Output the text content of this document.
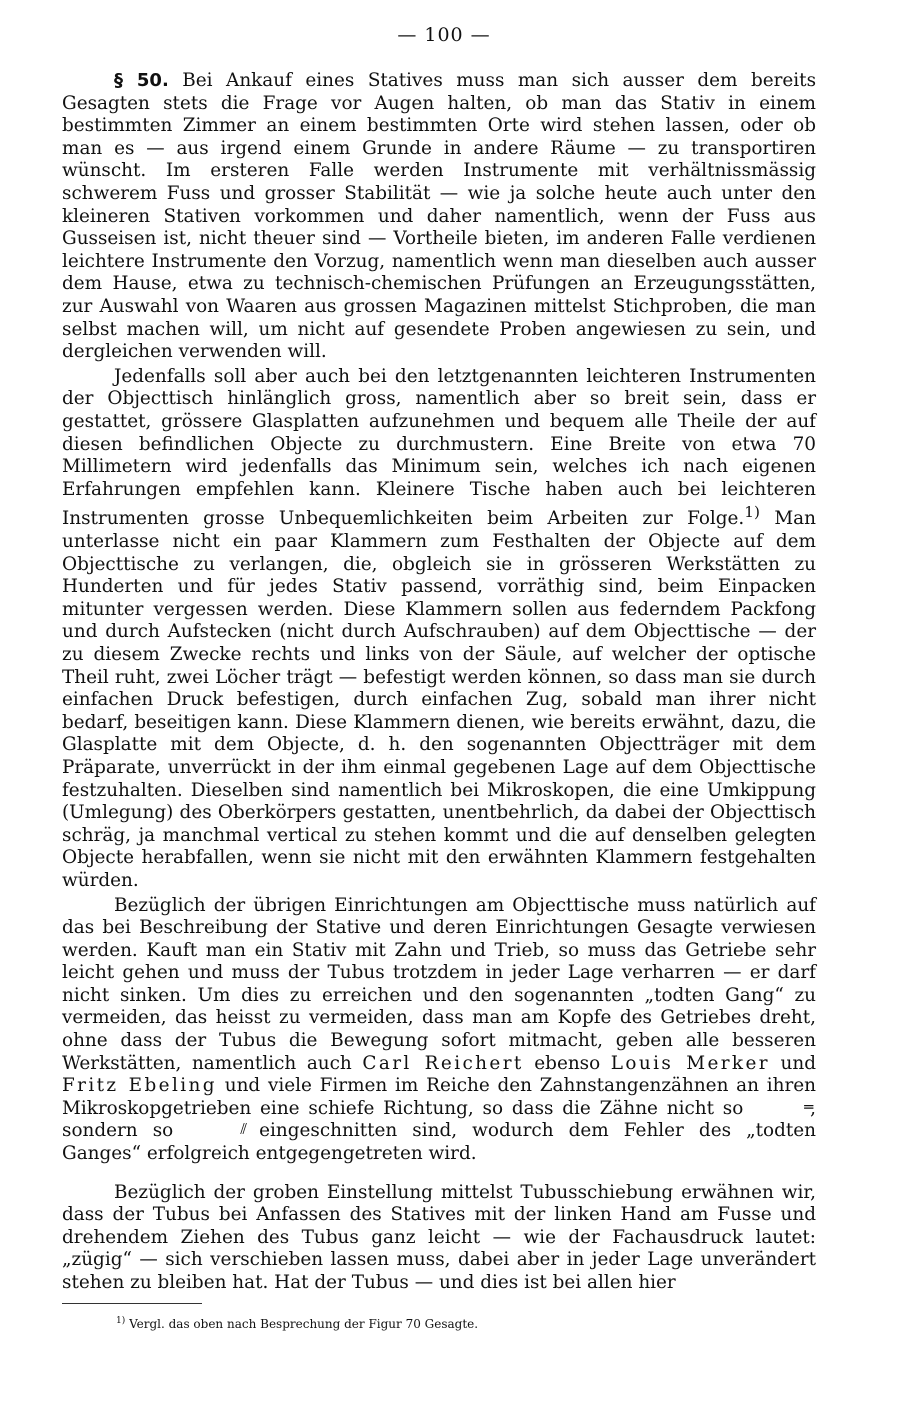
— 100 —

§ 50. Bei Ankauf eines Statives muss man sich ausser dem bereits Gesagten stets die Frage vor Augen halten, ob man das Stativ in einem bestimmten Zimmer an einem bestimmten Orte wird stehen lassen, oder ob man es — aus irgend einem Grunde in andere Räume — zu transportiren wünscht. Im ersteren Falle werden Instrumente mit verhältnissmässig schwerem Fuss und grosser Stabilität — wie ja solche heute auch unter den kleineren Stativen vorkommen und daher namentlich, wenn der Fuss aus Gusseisen ist, nicht theuer sind — Vortheile bieten, im anderen Falle verdienen leichtere Instrumente den Vorzug, namentlich wenn man dieselben auch ausser dem Hause, etwa zu technisch-chemischen Prüfungen an Erzeugungsstätten, zur Auswahl von Waaren aus grossen Magazinen mittelst Stichproben, die man selbst machen will, um nicht auf gesendete Proben angewiesen zu sein, und dergleichen verwenden will.

Jedenfalls soll aber auch bei den letztgenannten leichteren Instrumenten der Objecttisch hinlänglich gross, namentlich aber so breit sein, dass er gestattet, grössere Glasplatten aufzunehmen und bequem alle Theile der auf diesen befindlichen Objecte zu durchmustern. Eine Breite von etwa 70 Millimetern wird jedenfalls das Minimum sein, welches ich nach eigenen Erfahrungen empfehlen kann. Kleinere Tische haben auch bei leichteren Instrumenten grosse Unbequemlichkeiten beim Arbeiten zur Folge.$^{1)}$ Man unterlasse nicht ein paar Klammern zum Festhalten der Objecte auf dem Objecttische zu verlangen, die, obgleich sie in grösseren Werkstätten zu Hunderten und für jedes Stativ passend, vorräthig sind, beim Einpacken mitunter vergessen werden. Diese Klammern sollen aus federndem Packfong und durch Aufstecken (nicht durch Aufschrauben) auf dem Objecttische — der zu diesem Zwecke rechts und links von der Säule, auf welcher der optische Theil ruht, zwei Löcher trägt — befestigt werden können, so dass man sie durch einfachen Druck befestigen, durch einfachen Zug, sobald man ihrer nicht bedarf, beseitigen kann. Diese Klammern dienen, wie bereits erwähnt, dazu, die Glasplatte mit dem Objecte, d. h. den sogenannten Objectträger mit dem Präparate, unverrückt in der ihm einmal gegebenen Lage auf dem Objecttische festzuhalten. Dieselben sind namentlich bei Mikroskopen, die eine Umkippung (Umlegung) des Oberkörpers gestatten, unentbehrlich, da dabei der Objecttisch schräg, ja manchmal vertical zu stehen kommt und die auf denselben gelegten Objecte herabfallen, wenn sie nicht mit den erwähnten Klammern festgehalten würden.

Bezüglich der übrigen Einrichtungen am Objecttische muss natürlich auf das bei Beschreibung der Stative und deren Einrichtungen Gesagte verwiesen werden. Kauft man ein Stativ mit Zahn und Trieb, so muss das Getriebe sehr leicht gehen und muss der Tubus trotzdem in jeder Lage verharren — er darf nicht sinken. Um dies zu erreichen und den sogenannten „todten Gang“ zu vermeiden, das heisst zu vermeiden, dass man am Kopfe des Getriebes dreht, ohne dass der Tubus die Bewegung sofort mitmacht, geben alle besseren Werkstätten, namentlich auch Carl Reichert ebenso Louis Merker und Fritz Ebeling und viele Firmen im Reiche den Zahnstangenzähnen an ihren Mikroskopgetrieben eine schiefe Richtung, so dass die Zähne nicht so	═, sondern so	⫽ eingeschnitten sind, wodurch dem Fehler des „todten Ganges“ erfolgreich entgegengetreten wird.

Bezüglich der groben Einstellung mittelst Tubusschiebung erwähnen wir, dass der Tubus bei Anfassen des Statives mit der linken Hand am Fusse und drehendem Ziehen des Tubus ganz leicht — wie der Fachausdruck lautet: „zügig“ — sich verschieben lassen muss, dabei aber in jeder Lage unverändert stehen zu bleiben hat. Hat der Tubus — und dies ist bei allen hier

$^{1)}$ Vergl. das oben nach Besprechung der Figur 70 Gesagte.
